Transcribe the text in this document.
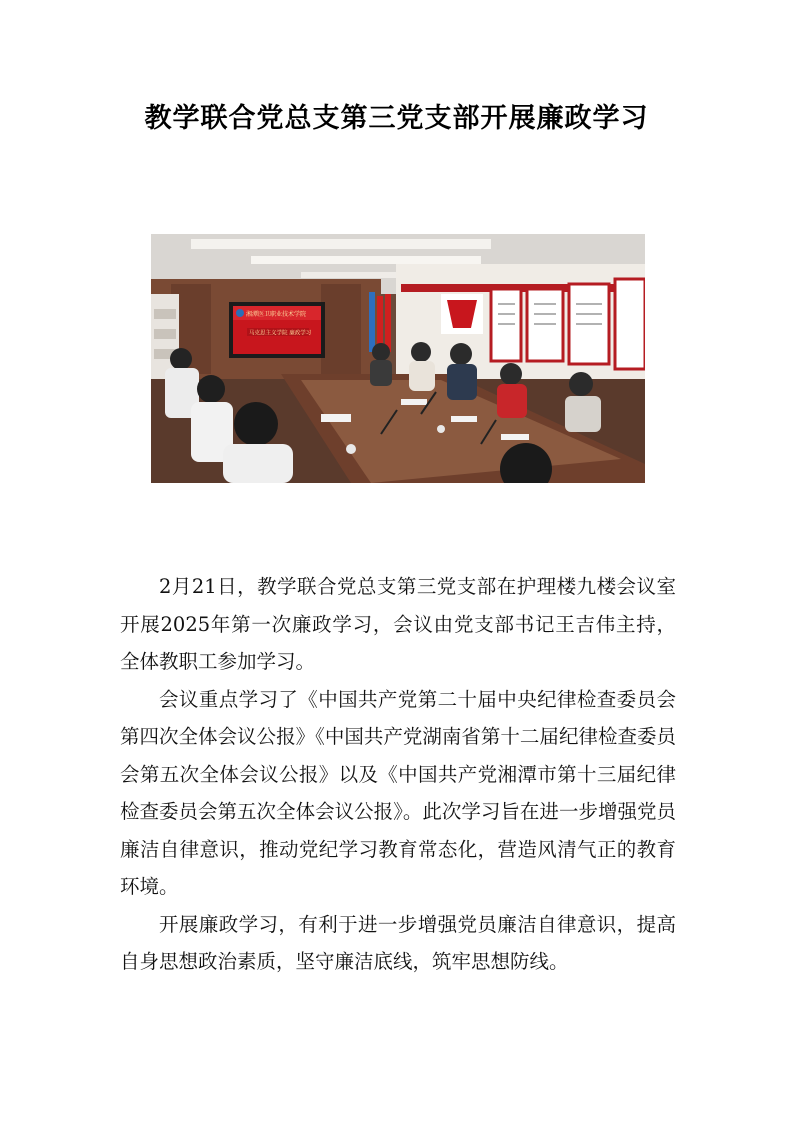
教学联合党总支第三党支部开展廉政学习
湘潭医卫职业技术学院
马克思主义学院 廉政学习

2月21日，教学联合党总支第三党支部在护理楼九楼会议室开展2025年第一次廉政学习，会议由党支部书记王吉伟主持，全体教职工参加学习。

会议重点学习了《中国共产党第二十届中央纪律检查委员会第四次全体会议公报》《中国共产党湖南省第十二届纪律检查委员会第五次全体会议公报》以及《中国共产党湘潭市第十三届纪律检查委员会第五次全体会议公报》。此次学习旨在进一步增强党员廉洁自律意识，推动党纪学习教育常态化，营造风清气正的教育环境。

开展廉政学习，有利于进一步增强党员廉洁自律意识，提高自身思想政治素质，坚守廉洁底线，筑牢思想防线。
